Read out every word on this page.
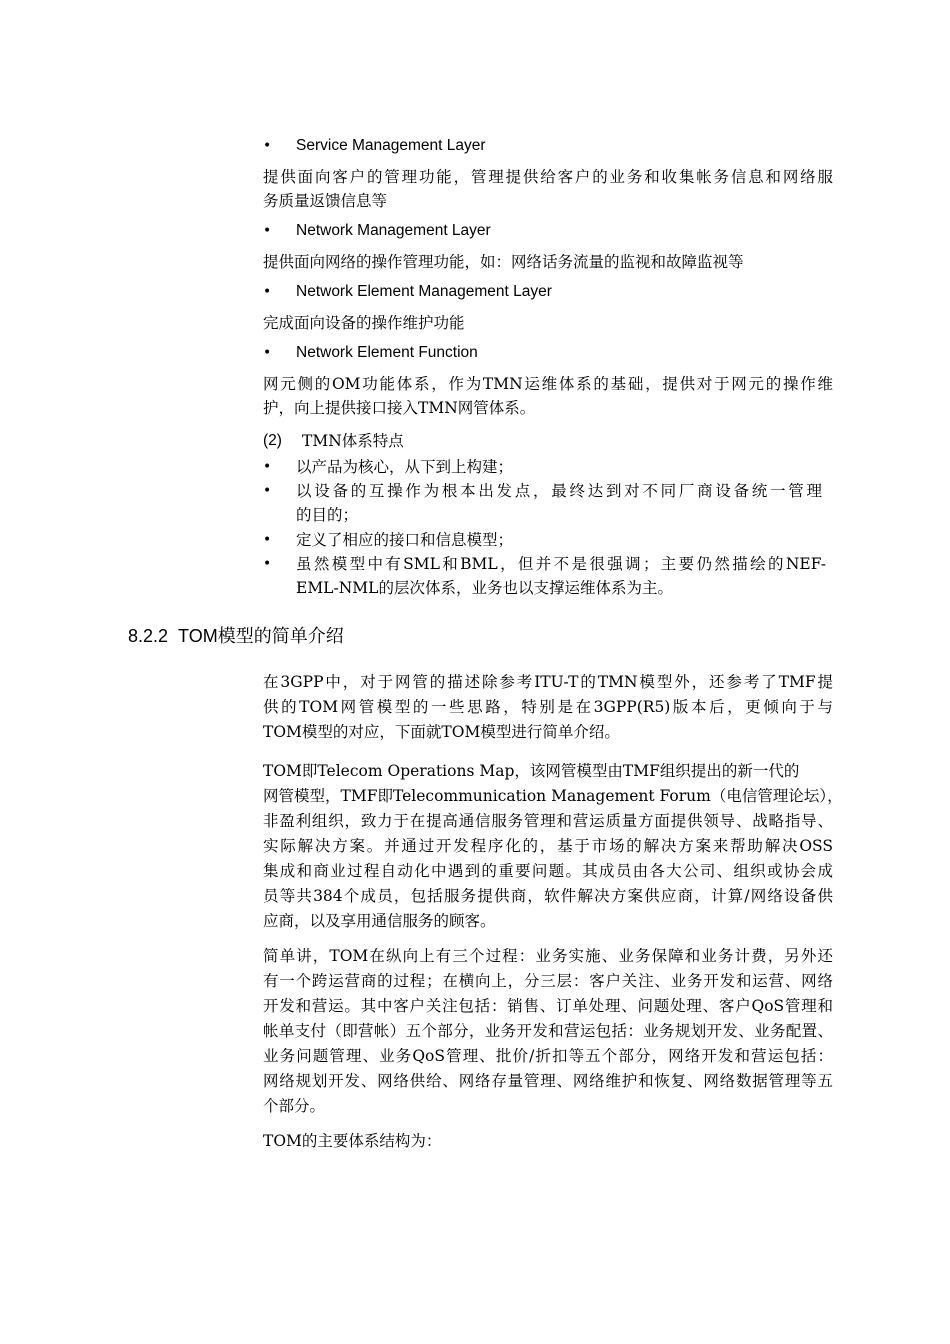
• Service Management Layer
提供面向客户的管理功能，管理提供给客户的业务和收集帐务信息和网络服
务质量返馈信息等
• Network Management Layer
提供面向网络的操作管理功能，如：网络话务流量的监视和故障监视等
• Network Element Management Layer
完成面向设备的操作维护功能
• Network Element Function
网元侧的OM功能体系，作为TMN运维体系的基础，提供对于网元的操作维
护，向上提供接口接入TMN网管体系。
(2)	TMN体系特点
• 以产品为核心，从下到上构建；
• 以设备的互操作为根本出发点，最终达到对不同厂商设备统一管理
的目的；
• 定义了相应的接口和信息模型；
• 虽然模型中有SML和BML，但并不是很强调；主要仍然描绘的NEF-
EML-NML的层次体系，业务也以支撑运维体系为主。
8.2.2 TOM模型的简单介绍
在3GPP中，对于网管的描述除参考ITU-T的TMN模型外，还参考了TMF提
供的TOM网管模型的一些思路，特别是在3GPP(R5)版本后，更倾向于与
TOM模型的对应，下面就TOM模型进行简单介绍。
TOM即Telecom Operations Map，该网管模型由TMF组织提出的新一代的
网管模型，TMF即Telecommunication Management Forum（电信管理论坛），
非盈利组织，致力于在提高通信服务管理和营运质量方面提供领导、战略指导、
实际解决方案。并通过开发程序化的，基于市场的解决方案来帮助解决OSS
集成和商业过程自动化中遇到的重要问题。其成员由各大公司、组织或协会成
员等共384个成员，包括服务提供商，软件解决方案供应商，计算/网络设备供
应商，以及享用通信服务的顾客。
简单讲，TOM在纵向上有三个过程：业务实施、业务保障和业务计费，另外还
有一个跨运营商的过程；在横向上，分三层：客户关注、业务开发和运营、网络
开发和营运。其中客户关注包括：销售、订单处理、问题处理、客户QoS管理和
帐单支付（即营帐）五个部分，业务开发和营运包括：业务规划开发、业务配置、
业务问题管理、业务QoS管理、批价/折扣等五个部分，网络开发和营运包括：
网络规划开发、网络供给、网络存量管理、网络维护和恢复、网络数据管理等五
个部分。
TOM的主要体系结构为：
